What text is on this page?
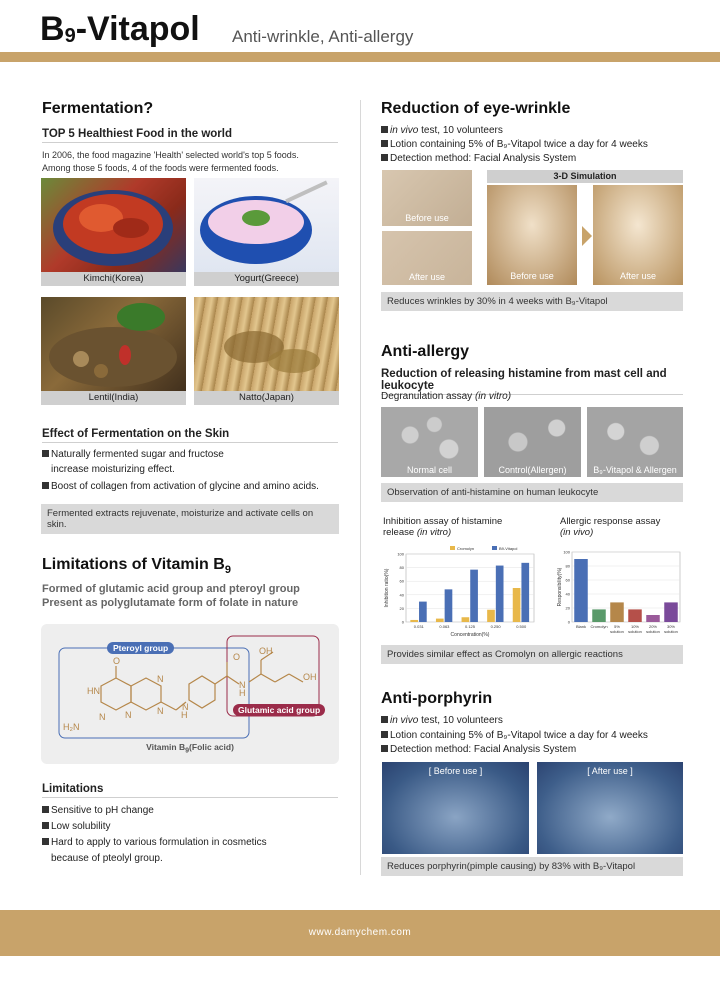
$B_9$-Vitapol Anti-wrinkle, Anti-allergy
Fermentation?
TOP 5 Healthiest Food in the world
In 2006, the food magazine 'Health' selected world's top 5 foods.
Among those 5 foods, 4 of the foods were fermented foods.
Kimchi(Korea)	Yogurt(Greece)
Lentil(India)	Natto(Japan)
Effect of Fermentation on the Skin
Naturally fermented sugar and fructose
increase moisturizing effect.
Boost of collagen from activation of glycine and amino acids.
Fermented extracts rejuvenate, moisturize and activate cells on skin.
Limitations of Vitamin $B_9$
Formed of glutamic acid group and pteroyl group
Present as polyglutamate form of folate in nature
O
OH
HN
N
N
H
N
H₂N
N
N
O
OH
H
N
Pteroyl group
Glutamic acid group
Vitamin $B_9(Folic$ acid)
Limitations
Sensitive to pH change
Low solubility
Hard to apply to various formulation in cosmetics
because of pteolyl group.
Reduction of eye-wrinkle
in vivo test, 10 volunteers
Lotion containing 5% of B₉-Vitapol twice a day for 4 weeks
Detection method: Facial Analysis System
Before use
After use
3-D Simulation
Before use	After use
Reduces wrinkles by 30% in 4 weeks with B₉-Vitapol
Anti-allergy
Reduction of releasing histamine from mast cell and leukocyte
Degranulation assay (in vitro)
Normal cell	Control(Allergen)	B₉-Vitapol & Allergen
Observation of anti-histamine on human leukocyte
Inhibition assay of histamine
release (in vitro)
Allergic response assay
(in vivo)
0
20
40
60
80
100
0.031	0.063	0.125	0.250	0.500
Concentration(%)
Inhibition ratio(%)
Cromolyn	B9-Vitapol
0
20
40
60
80
100
Blank Cromolyn 5%
solution
10%
solution
20%
solution
30%
solution
Responsibility(%)
Provides similar effect as Cromolyn on allergic reactions
Anti-porphyrin
in vivo test, 10 volunteers
Lotion containing 5% of B₉-Vitapol twice a day for 4 weeks
Detection method: Facial Analysis System
[ Before use ]	[ After use ]
Reduces porphyrin(pimple causing) by 83% with B₉-Vitapol
www.damychem.com
